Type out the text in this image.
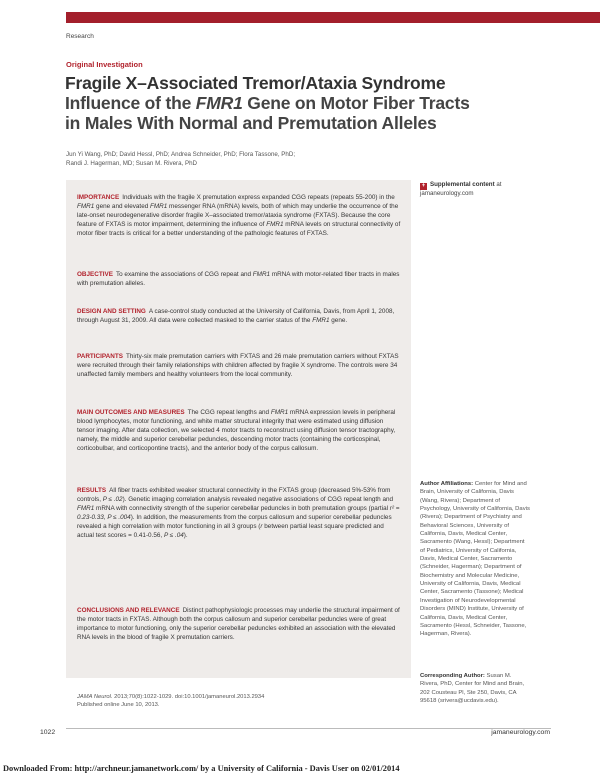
Research
Original Investigation
Fragile X–Associated Tremor/Ataxia Syndrome
Influence of the FMR1 Gene on Motor Fiber Tracts
in Males With Normal and Premutation Alleles
Jun Yi Wang, PhD; David Hessl, PhD; Andrea Schneider, PhD; Flora Tassone, PhD;
Randi J. Hagerman, MD; Susan M. Rivera, PhD

IMPORTANCE Individuals with the fragile X premutation express expanded CGG repeats (repeats 55-200) in the FMR1 gene and elevated FMR1 messenger RNA (mRNA) levels, both of which may underlie the occurrence of the late-onset neurodegenerative disorder fragile X–associated tremor/ataxia syndrome (FXTAS). Because the core feature of FXTAS is motor impairment, determining the influence of FMR1 mRNA levels on structural connectivity of motor fiber tracts is critical for a better understanding of the pathologic features of FXTAS.

OBJECTIVE To examine the associations of CGG repeat and FMR1 mRNA with motor-related fiber tracts in males with premutation alleles.

DESIGN AND SETTING A case-control study conducted at the University of California, Davis, from April 1, 2008, through August 31, 2009. All data were collected masked to the carrier status of the FMR1 gene.

PARTICIPANTS Thirty-six male premutation carriers with FXTAS and 26 male premutation carriers without FXTAS were recruited through their family relationships with children affected by fragile X syndrome. The controls were 34 unaffected family members and healthy volunteers from the local community.

MAIN OUTCOMES AND MEASURES The CGG repeat lengths and FMR1 mRNA expression levels in peripheral blood lymphocytes, motor functioning, and white matter structural integrity that were estimated using diffusion tensor imaging. After data collection, we selected 4 motor tracts to reconstruct using diffusion tensor tractography, namely, the middle and superior cerebellar peduncles, descending motor tracts (containing the corticospinal, corticobulbar, and corticopontine tracts), and the anterior body of the corpus callosum.

RESULTS All fiber tracts exhibited weaker structural connectivity in the FXTAS group (decreased 5%-53% from controls, P ≤ .02). Genetic imaging correlation analysis revealed negative associations of CGG repeat length and FMR1 mRNA with connectivity strength of the superior cerebellar peduncles in both premutation groups (partial r² = 0.23-0.33, P ≤ .004). In addition, the measurements from the corpus callosum and superior cerebellar peduncles revealed a high correlation with motor functioning in all 3 groups (r between partial least square predicted and actual test scores = 0.41-0.56, P ≤ .04).

CONCLUSIONS AND RELEVANCE Distinct pathophysiologic processes may underlie the structural impairment of the motor tracts in FXTAS. Although both the corpus callosum and superior cerebellar peduncles were of great importance to motor functioning, only the superior cerebellar peduncles exhibited an association with the elevated RNA levels in the blood of fragile X premutation carriers.

+ Supplemental content at jamaneurology.com

Author Affiliations: Center for Mind and Brain, University of California, Davis (Wang, Rivera); Department of Psychology, University of California, Davis (Rivera); Department of Psychiatry and Behavioral Sciences, University of California, Davis, Medical Center, Sacramento (Wang, Hessl); Department of Pediatrics, University of California, Davis, Medical Center, Sacramento (Schneider, Hagerman); Department of Biochemistry and Molecular Medicine, University of California, Davis, Medical Center, Sacramento (Tassone); Medical Investigation of Neurodevelopmental Disorders (MIND) Institute, University of California, Davis, Medical Center, Sacramento (Hessl, Schneider, Tassone, Hagerman, Rivera).

Corresponding Author: Susan M. Rivera, PhD, Center for Mind and Brain, 202 Cousteau Pl, Ste 250, Davis, CA 95618 (srivera@ucdavis.edu).

JAMA Neurol. 2013;70(8):1022-1029. doi:10.1001/jamaneurol.2013.2934
Published online June 10, 2013.
1022	jamaneurology.com
Downloaded From: http://archneur.jamanetwork.com/ by a University of California - Davis User on 02/01/2014
